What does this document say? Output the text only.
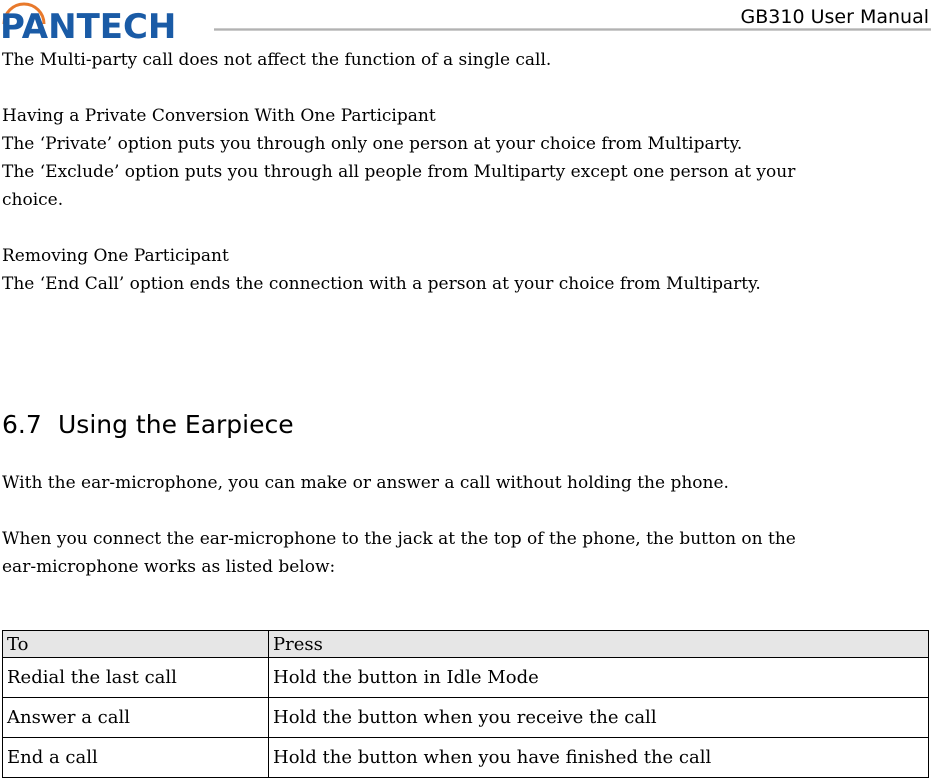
PANTECH	GB310 User Manual

The Multi-party call does not affect the function of a single call.

Having a Private Conversion With One Participant

The ‘Private’ option puts you through only one person at your choice from Multiparty.

The ‘Exclude’ option puts you through all people from Multiparty except one person at your

choice.

Removing One Participant

The ‘End Call’ option ends the connection with a person at your choice from Multiparty.

6.7 Using the Earpiece

With the ear-microphone, you can make or answer a call without holding the phone.

When you connect the ear-microphone to the jack at the top of the phone, the button on the

ear-microphone works as listed below:

To	Press
Redial the last call	Hold the button in Idle Mode
Answer a call	Hold the button when you receive the call
End a call	Hold the button when you have finished the call
